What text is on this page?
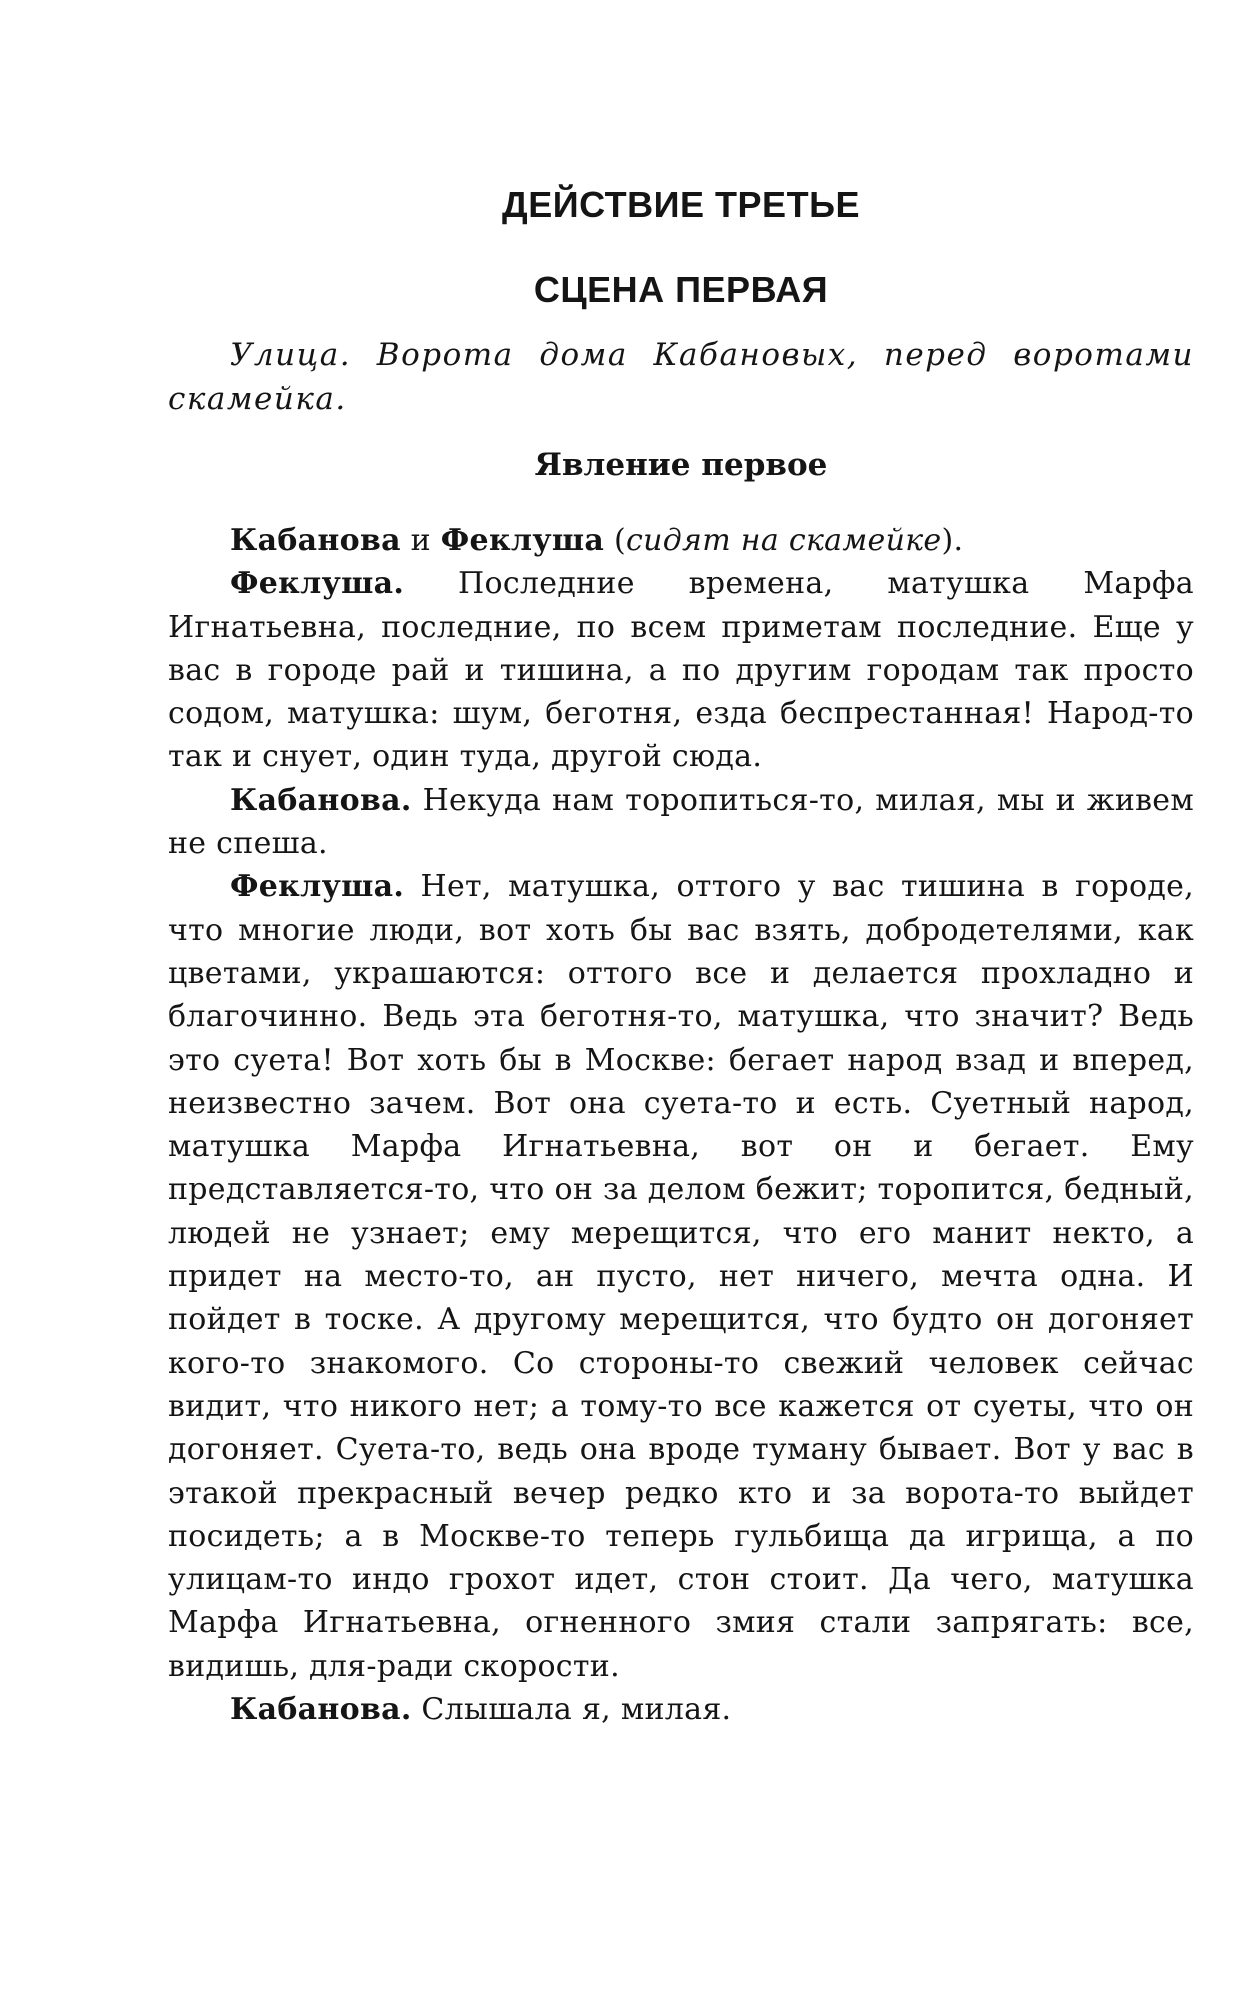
ДЕЙСТВИЕ ТРЕТЬЕ
СЦЕНА ПЕРВАЯ
Улица. Ворота дома Кабановых, перед воротами скамейка.
Явление первое

Кабанова и Феклуша (сидят на скамейке).

Феклуша. Последние времена, матушка Марфа Игнатьевна, последние, по всем приметам последние. Еще у вас в городе рай и тишина, а по другим городам так просто содом, матушка: шум, беготня, езда беспрестанная! Народ-то так и снует, один туда, другой сюда.

Кабанова. Некуда нам торопиться-то, милая, мы и живем не спеша.

Феклуша. Нет, матушка, оттого у вас тишина в городе, что многие люди, вот хоть бы вас взять, добродетелями, как цветами, украшаются: оттого все и делается прохладно и благочинно. Ведь эта беготня-то, матушка, что значит? Ведь это суета! Вот хоть бы в Москве: бегает народ взад и вперед, неизвестно зачем. Вот она суета-то и есть. Суетный народ, матушка Марфа Игнатьевна, вот он и бегает. Ему представляется-то, что он за делом бежит; торопится, бедный, людей не узнает; ему мерещится, что его манит некто, а придет на место-то, ан пусто, нет ничего, мечта одна. И пойдет в тоске. А другому мерещится, что будто он догоняет кого-то знакомого. Со стороны-то свежий человек сейчас видит, что никого нет; а тому-то все кажется от суеты, что он догоняет. Суета-то, ведь она вроде туману бывает. Вот у вас в этакой прекрасный вечер редко кто и за ворота-то выйдет посидеть; а в Москве-то теперь гульбища да игрища, а по улицам-то индо грохот идет, стон стоит. Да чего, матушка Марфа Игнатьевна, огненного змия стали запрягать: все, видишь, для-ради скорости.

Кабанова. Слышала я, милая.
